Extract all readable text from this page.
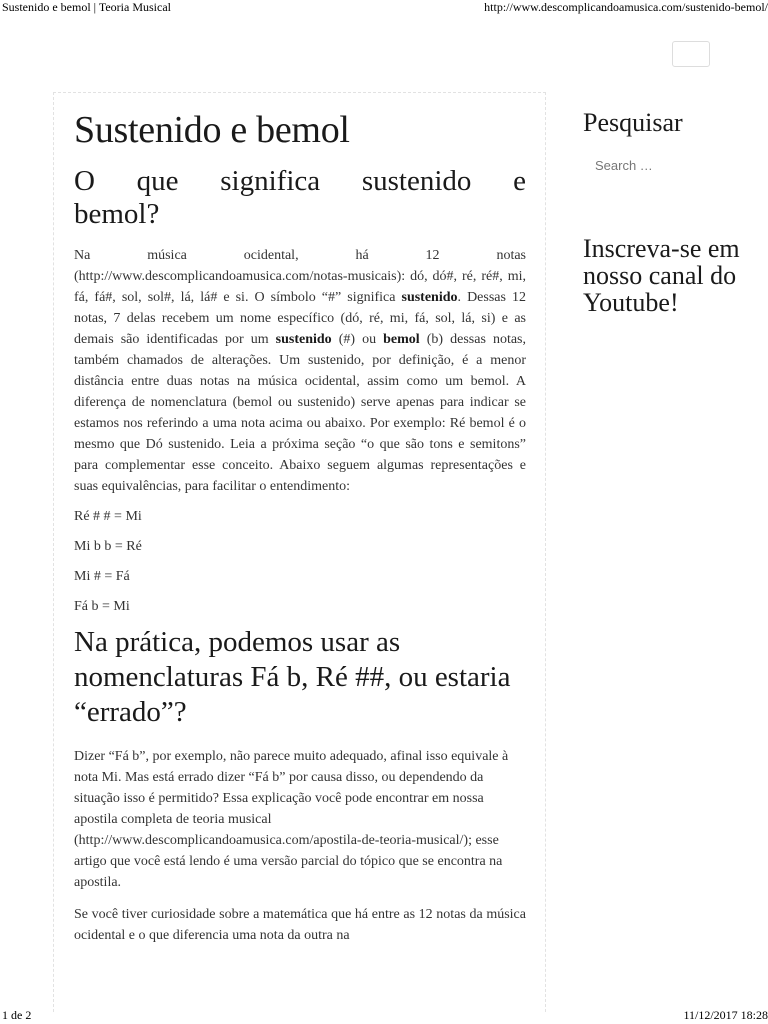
Sustenido e bemol | Teoria Musical	http://www.descomplicandoamusica.com/sustenido-bemol/
Sustenido e bemol
O que significa sustenido e bemol?

Na música ocidental, há 12 notas (http://www.descomplicandoamusica.com/notas-musicais): dó, dó#, ré, ré#, mi, fá, fá#, sol, sol#, lá, lá# e si. O símbolo “#” significa sustenido. Dessas 12 notas, 7 delas recebem um nome específico (dó, ré, mi, fá, sol, lá, si) e as demais são identificadas por um sustenido (#) ou bemol (b) dessas notas, também chamados de alterações. Um sustenido, por definição, é a menor distância entre duas notas na música ocidental, assim como um bemol. A diferença de nomenclatura (bemol ou sustenido) serve apenas para indicar se estamos nos referindo a uma nota acima ou abaixo. Por exemplo: Ré bemol é o mesmo que Dó sustenido. Leia a próxima seção “o que são tons e semitons” para complementar esse conceito. Abaixo seguem algumas representações e suas equivalências, para facilitar o entendimento:

Ré # # = Mi

Mi b b = Ré

Mi # = Fá

Fá b = Mi

Na prática, podemos usar as nomenclaturas Fá b, Ré ##, ou estaria “errado”?

Dizer “Fá b”, por exemplo, não parece muito adequado, afinal isso equivale à nota Mi. Mas está errado dizer “Fá b” por causa disso, ou dependendo da situação isso é permitido? Essa explicação você pode encontrar em nossa apostila completa de teoria musical (http://www.descomplicandoamusica.com/apostila-de-teoria-musical/); esse artigo que você está lendo é uma versão parcial do tópico que se encontra na apostila.

Se você tiver curiosidade sobre a matemática que há entre as 12 notas da música ocidental e o que diferencia uma nota da outra na

Pesquisar
Search …
Inscreva-se em nosso canal do Youtube!
1 de 2	11/12/2017 18:28
